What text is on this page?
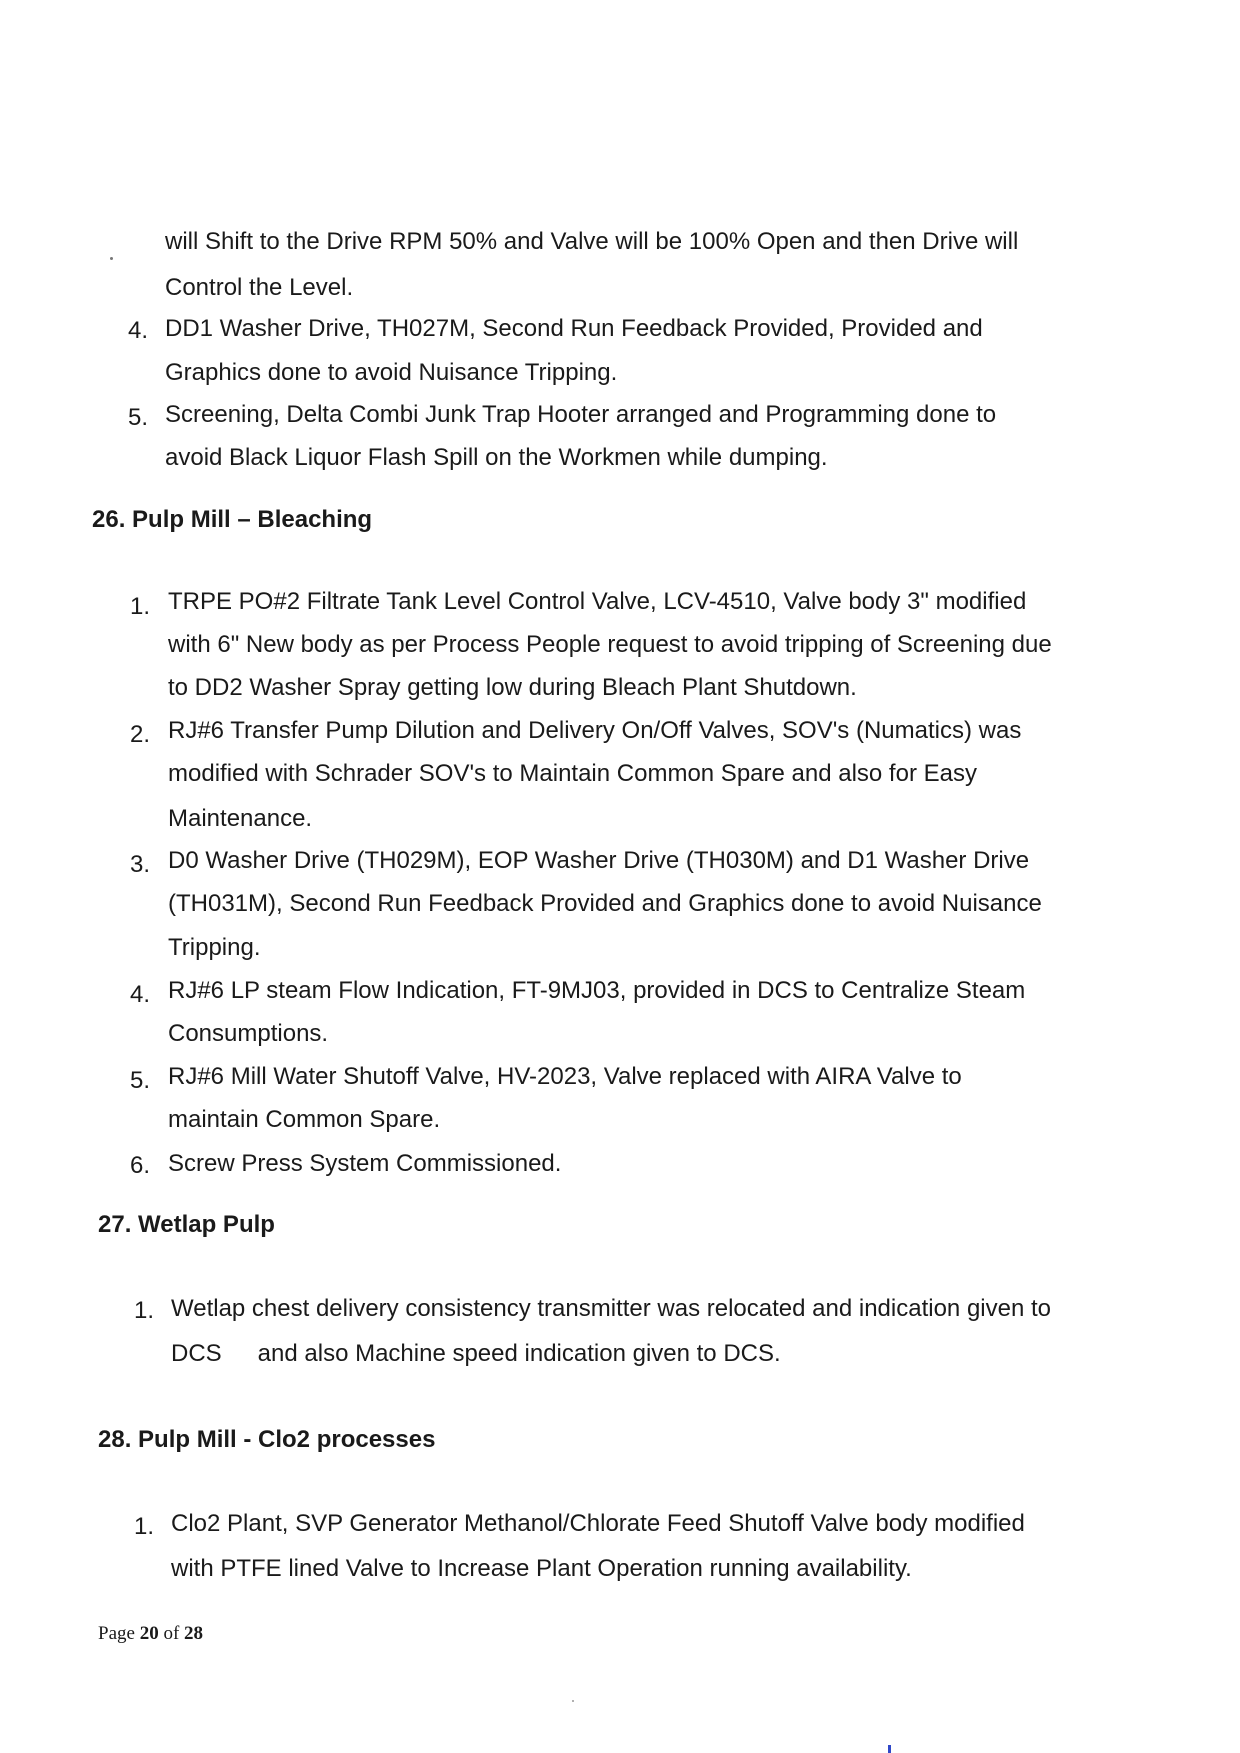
will Shift to the Drive RPM 50% and Valve will be 100% Open and then Drive will
Control the Level.
4. DD1 Washer Drive, TH027M, Second Run Feedback Provided, Provided and
Graphics done to avoid Nuisance Tripping.
5. Screening, Delta Combi Junk Trap Hooter arranged and Programming done to
avoid Black Liquor Flash Spill on the Workmen while dumping.
26. Pulp Mill – Bleaching
1. TRPE PO#2 Filtrate Tank Level Control Valve, LCV-4510, Valve body 3" modified
with 6" New body as per Process People request to avoid tripping of Screening due
to DD2 Washer Spray getting low during Bleach Plant Shutdown.
2. RJ#6 Transfer Pump Dilution and Delivery On/Off Valves, SOV's (Numatics) was
modified with Schrader SOV's to Maintain Common Spare and also for Easy
Maintenance.
3. D0 Washer Drive (TH029M), EOP Washer Drive (TH030M) and D1 Washer Drive
(TH031M), Second Run Feedback Provided and Graphics done to avoid Nuisance
Tripping.
4. RJ#6 LP steam Flow Indication, FT-9MJ03, provided in DCS to Centralize Steam
Consumptions.
5. RJ#6 Mill Water Shutoff Valve, HV-2023, Valve replaced with AIRA Valve to
maintain Common Spare.
6. Screw Press System Commissioned.
27. Wetlap Pulp
1. Wetlap chest delivery consistency transmitter was relocated and indication given to
DCS and also Machine speed indication given to DCS.
28. Pulp Mill - Clo2 processes
1. Clo2 Plant, SVP Generator Methanol/Chlorate Feed Shutoff Valve body modified
with PTFE lined Valve to Increase Plant Operation running availability.
Page 20 of 28
